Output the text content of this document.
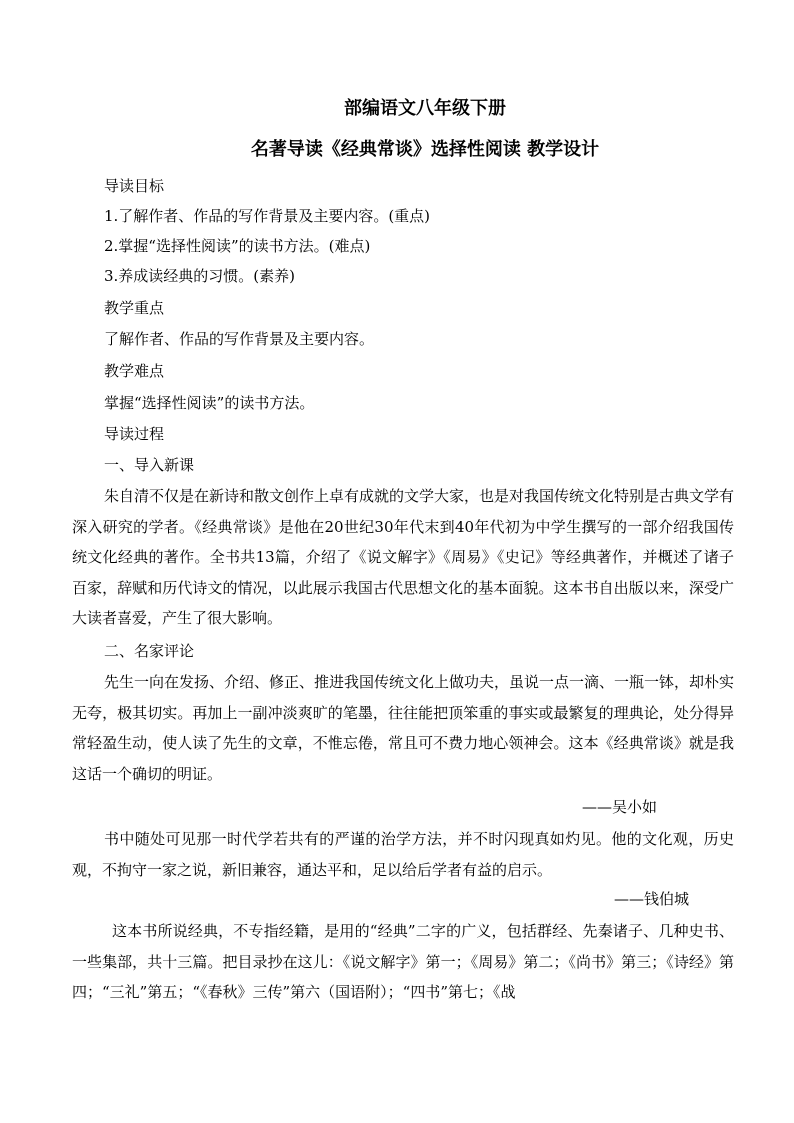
部编语文八年级下册
名著导读《经典常谈》选择性阅读 教学设计
导读目标
1.了解作者、作品的写作背景及主要内容。(重点)
2.掌握“选择性阅读”的读书方法。(难点)
3.养成读经典的习惯。(素养)
教学重点
了解作者、作品的写作背景及主要内容。
教学难点
掌握“选择性阅读”的读书方法。
导读过程
一、导入新课
朱自清不仅是在新诗和散文创作上卓有成就的文学大家，也是对我国传统文化特别是古典文学有深入研究的学者。《经典常谈》是他在20世纪30年代末到40年代初为中学生撰写的一部介绍我国传统文化经典的著作。全书共13篇，介绍了《说文解字》《周易》《史记》等经典著作，并概述了诸子百家，辞赋和历代诗文的情况，以此展示我国古代思想文化的基本面貌。这本书自出版以来，深受广大读者喜爱，产生了很大影响。
二、名家评论
先生一向在发扬、介绍、修正、推进我国传统文化上做功夫，虽说一点一滴、一瓶一钵，却朴实无夸，极其切实。再加上一副冲淡爽旷的笔墨，往往能把顶笨重的事实或最繁复的理典论，处分得异常轻盈生动，使人读了先生的文章，不惟忘倦，常且可不费力地心领神会。这本《经典常谈》就是我这话一个确切的明证。
——吴小如
书中随处可见那一时代学若共有的严谨的治学方法，并不时闪现真如灼见。他的文化观，历史观，不拘守一家之说，新旧兼容，通达平和，足以给后学者有益的启示。
——钱伯城
这本书所说经典，不专指经籍，是用的“经典”二字的广义，包括群经、先秦诸子、几种史书、一些集部，共十三篇。把目录抄在这儿：《说文解字》第一；《周易》第二；《尚书》第三；《诗经》第四；“三礼”第五；“《春秋》三传”第六（国语附）；“四书”第七；《战
